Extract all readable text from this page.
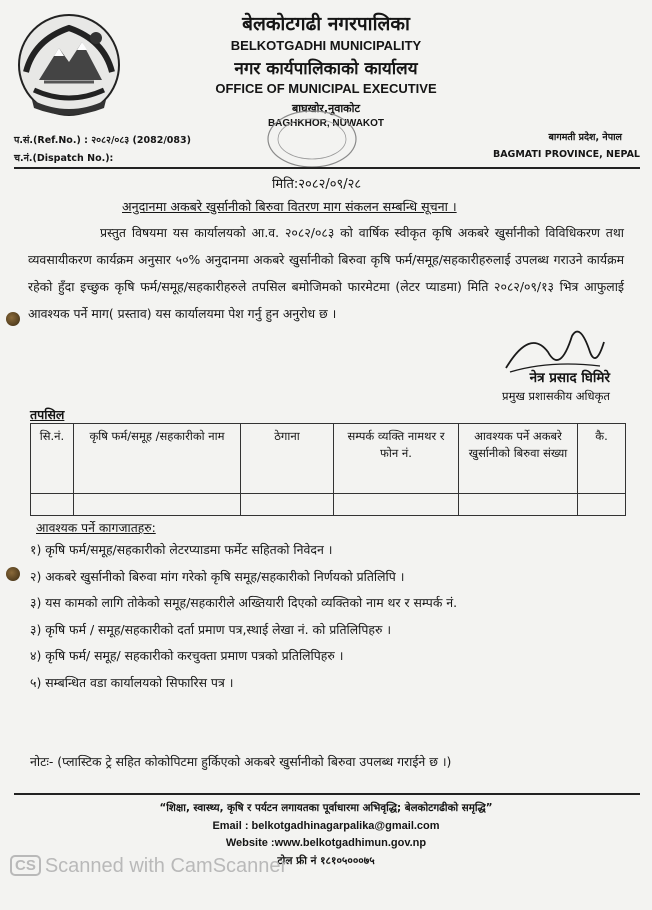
बेलकोटगढी नगरपालिका
BELKOTGADHI MUNICIPALITY
नगर कार्यपालिकाको कार्यालय
OFFICE OF MUNICIPAL EXECUTIVE
बाघखोर,नुवाकोट
BAGHKHOR, NUWAKOT
प.सं.(Ref.No.) : २०८२/०८३ (2082/083)
च.नं.(Dispatch No.):
बागमती प्रदेश, नेपाल
BAGMATI PROVINCE, NEPAL
मिति:२०८२/०९/२८
अनुदानमा अकबरे खुर्सानीको बिरुवा वितरण माग संकलन सम्बन्धि सूचना ।
प्रस्तुत विषयमा यस कार्यालयको आ.व. २०८२/०८३ को वार्षिक स्वीकृत कृषि अकबरे खुर्सानीको विविधिकरण तथा व्यवसायीकरण कार्यक्रम अनुसार ५०% अनुदानमा अकबरे खुर्सानीको बिरुवा कृषि फर्म/समूह/सहकारीहरुलाई उपलब्ध गराउने कार्यक्रम रहेको हुँदा इच्छुक कृषि फर्म/समूह/सहकारीहरुले तपसिल बमोजिमको फारमेटमा (लेटर प्याडमा) मिति २०८२/०९/१३ भित्र आफुलाई आवश्यक पर्ने माग( प्रस्ताव) यस कार्यालयमा पेश गर्नु हुन अनुरोध छ ।
नेत्र प्रसाद घिमिरे
प्रमुख प्रशासकीय अधिकृत
तपसिल
सि.नं.	कृषि फर्म/समूह /सहकारीको नाम	ठेगाना	सम्पर्क व्यक्ति नामथर र फोन नं.	आवश्यक पर्ने अकबरे खुर्सानीको बिरुवा संख्या	कै.

आवश्यक पर्ने कागजातहरु:
१) कृषि फर्म/समूह/सहकारीको लेटरप्याडमा फर्मेट सहितको निवेदन ।
२) अकबरे खुर्सानीको बिरुवा मांग गरेको कृषि समूह/सहकारीको निर्णयको प्रतिलिपि ।
३) यस कामको लागि तोकेको समूह/सहकारीले अख्तियारी दिएको व्यक्तिको नाम थर र सम्पर्क नं.
३) कृषि फर्म / समूह/सहकारीको दर्ता प्रमाण पत्र,स्थाई लेखा नं. को प्रतिलिपिहरु ।
४) कृषि फर्म/ समूह/ सहकारीको करचुक्ता प्रमाण पत्रको प्रतिलिपिहरु ।
५) सम्बन्धित वडा कार्यालयको सिफारिस पत्र ।
नोटः- (प्लास्टिक ट्रे सहित कोकोपिटमा हुर्किएको अकबरे खुर्सानीको बिरुवा उपलब्ध गराईने छ ।)
“शिक्षा, स्वास्थ्य, कृषि र पर्यटन लगायतका पूर्वाधारमा अभिवृद्धि; बेलकोटगढीको समृद्धि”
Email : belkotgadhinagarpalika@gmail.com
Website :www.belkotgadhimun.gov.np
टोल फ्री नं १८१०५०००७५
CS Scanned with CamScanner
